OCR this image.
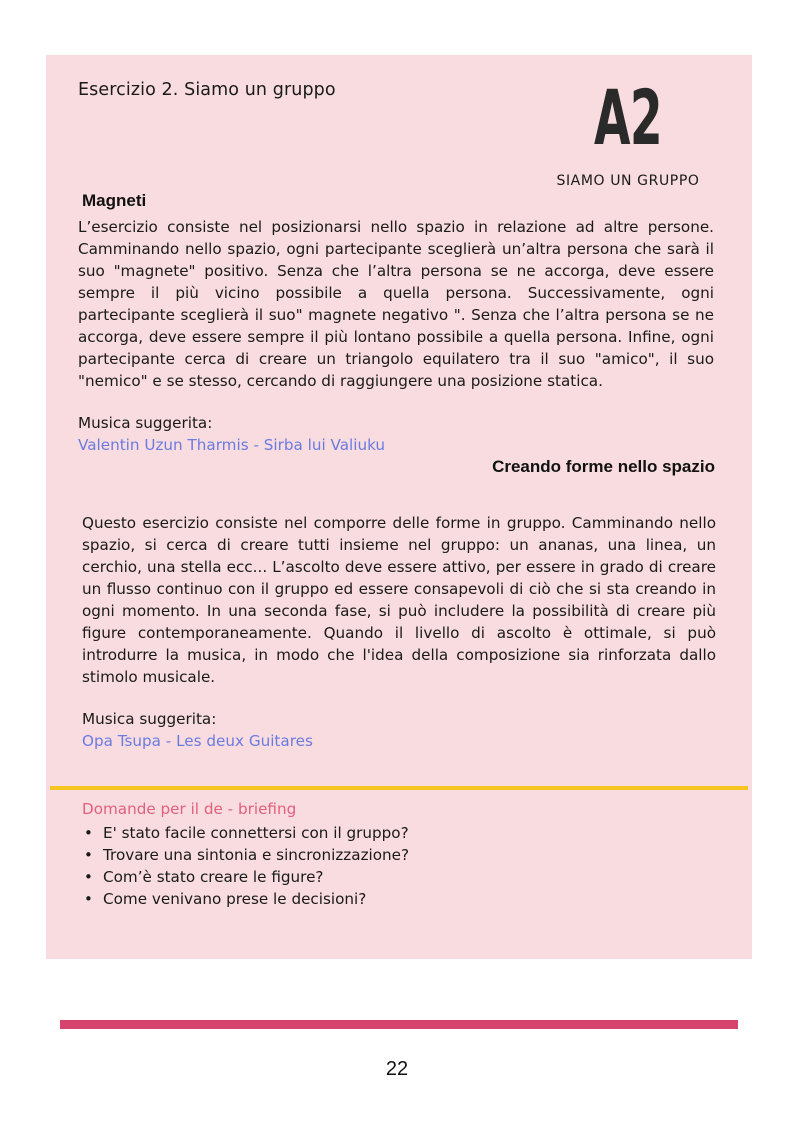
Esercizio 2. Siamo un gruppo	A2
SIAMO UN GRUPPO
Magneti
L’esercizio consiste nel posizionarsi nello spazio in relazione ad altre persone. Camminando nello spazio, ogni partecipante sceglierà un’altra persona che sarà il suo "magnete" positivo. Senza che l’altra persona se ne accorga, deve essere sempre il più vicino possibile a quella persona. Successivamente, ogni partecipante sceglierà il suo" magnete negativo ". Senza che l’altra persona se ne accorga, deve essere sempre il più lontano possibile a quella persona. Infine, ogni partecipante cerca di creare un triangolo equilatero tra il suo "amico", il suo "nemico" e se stesso, cercando di raggiungere una posizione statica.
Musica suggerita:
Valentin Uzun Tharmis - Sirba lui Valiuku
Creando forme nello spazio
Questo esercizio consiste nel comporre delle forme in gruppo. Camminando nello spazio, si cerca di creare tutti insieme nel gruppo: un ananas, una linea, un cerchio, una stella ecc... L’ascolto deve essere attivo, per essere in grado di creare un flusso continuo con il gruppo ed essere consapevoli di ciò che si sta creando in ogni momento. In una seconda fase, si può includere la possibilità di creare più figure contemporaneamente. Quando il livello di ascolto è ottimale, si può introdurre la musica, in modo che l'idea della composizione sia rinforzata dallo stimolo musicale.
Musica suggerita:
Opa Tsupa - Les deux Guitares
Domande per il de - briefing
• E' stato facile connettersi con il gruppo?
• Trovare una sintonia e sincronizzazione?
• Com’è stato creare le figure?
• Come venivano prese le decisioni?
22
